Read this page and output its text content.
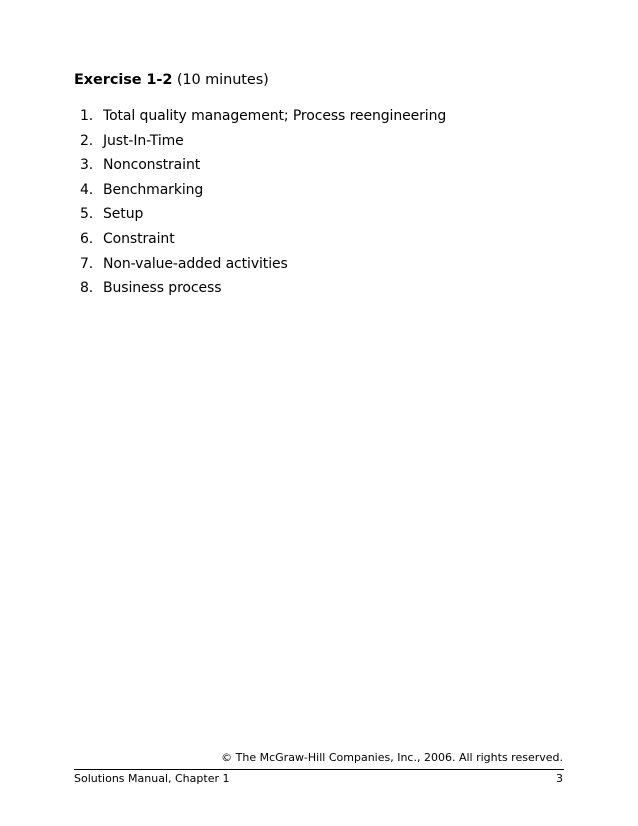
Exercise 1-2 (10 minutes)
1. Total quality management; Process reengineering
2. Just-In-Time
3. Nonconstraint
4. Benchmarking
5. Setup
6. Constraint
7. Non-value-added activities
8. Business process
© The McGraw-Hill Companies, Inc., 2006. All rights reserved.
Solutions Manual, Chapter 1	3
